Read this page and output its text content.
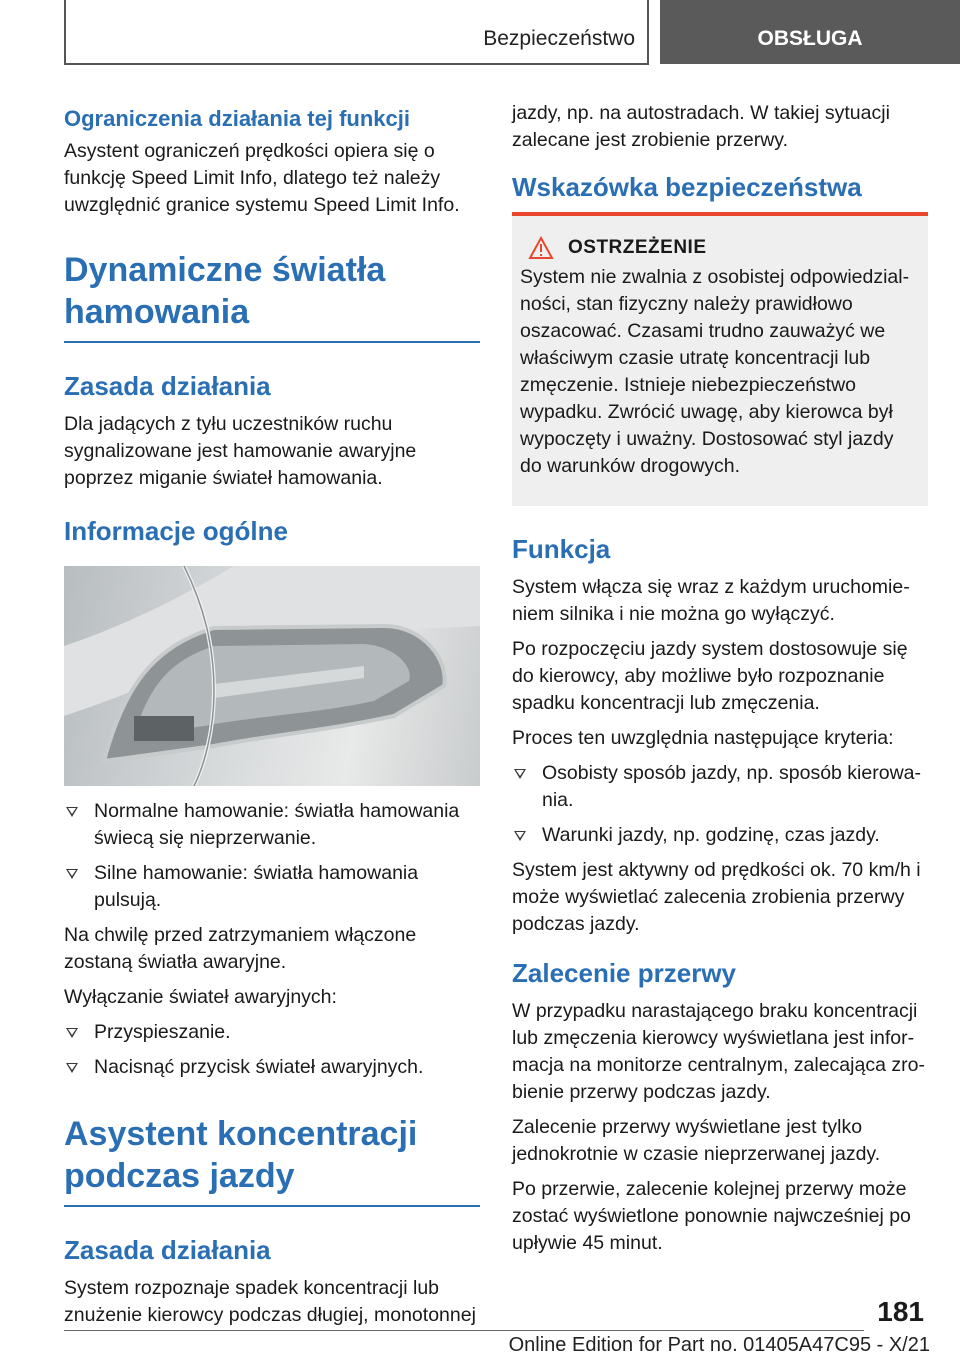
Bezpieczeństwo	OBSŁUGA
Ograniczenia działania tej funkcji

Asystent ograniczeń prędkości opiera się o funkcję Speed Limit Info, dlatego też należy uwzględnić granice systemu Speed Limit Info.

Dynamiczne światła hamowania
Zasada działania

Dla jadących z tyłu uczestników ruchu sygnalizowane jest hamowanie awaryjne poprzez miganie świateł hamowania.

Informacje ogólne
Normalne hamowanie: światła hamowania świecą się nieprzerwanie.
Silne hamowanie: światła hamowania pulsują.

Na chwilę przed zatrzymaniem włączone zostaną światła awaryjne.

Wyłączanie świateł awaryjnych:

Przyspieszanie.
Nacisnąć przycisk świateł awaryjnych.
Asystent koncentracji podczas jazdy
Zasada działania

System rozpoznaje spadek koncentracji lub znużenie kierowcy podczas długiej, monotonnej

jazdy, np. na autostradach. W takiej sytuacji zalecane jest zrobienie przerwy.

Wskazówka bezpieczeństwa
OSTRZEŻENIE

System nie zwalnia z osobistej odpowiedzialności, stan fizyczny należy prawidłowo oszacować. Czasami trudno zauważyć we właściwym czasie utratę koncentracji lub zmęczenie. Istnieje niebezpieczeństwo wypadku. Zwrócić uwagę, aby kierowca był wypoczęty i uważny. Dostosować styl jazdy do warunków drogowych.

Funkcja

System włącza się wraz z każdym uruchomieniem silnika i nie można go wyłączyć.

Po rozpoczęciu jazdy system dostosowuje się do kierowcy, aby możliwe było rozpoznanie spadku koncentracji lub zmęczenia.

Proces ten uwzględnia następujące kryteria:

Osobisty sposób jazdy, np. sposób kierowania.
Warunki jazdy, np. godzinę, czas jazdy.

System jest aktywny od prędkości ok. 70 km/h i może wyświetlać zalecenia zrobienia przerwy podczas jazdy.

Zalecenie przerwy

W przypadku narastającego braku koncentracji lub zmęczenia kierowcy wyświetlana jest informacja na monitorze centralnym, zalecająca zrobienie przerwy podczas jazdy.

Zalecenie przerwy wyświetlane jest tylko jednokrotnie w czasie nieprzerwanej jazdy.

Po przerwie, zalecenie kolejnej przerwy może zostać wyświetlone ponownie najwcześniej po upływie 45 minut.

181
Online Edition for Part no. 01405A47C95 - X/21
